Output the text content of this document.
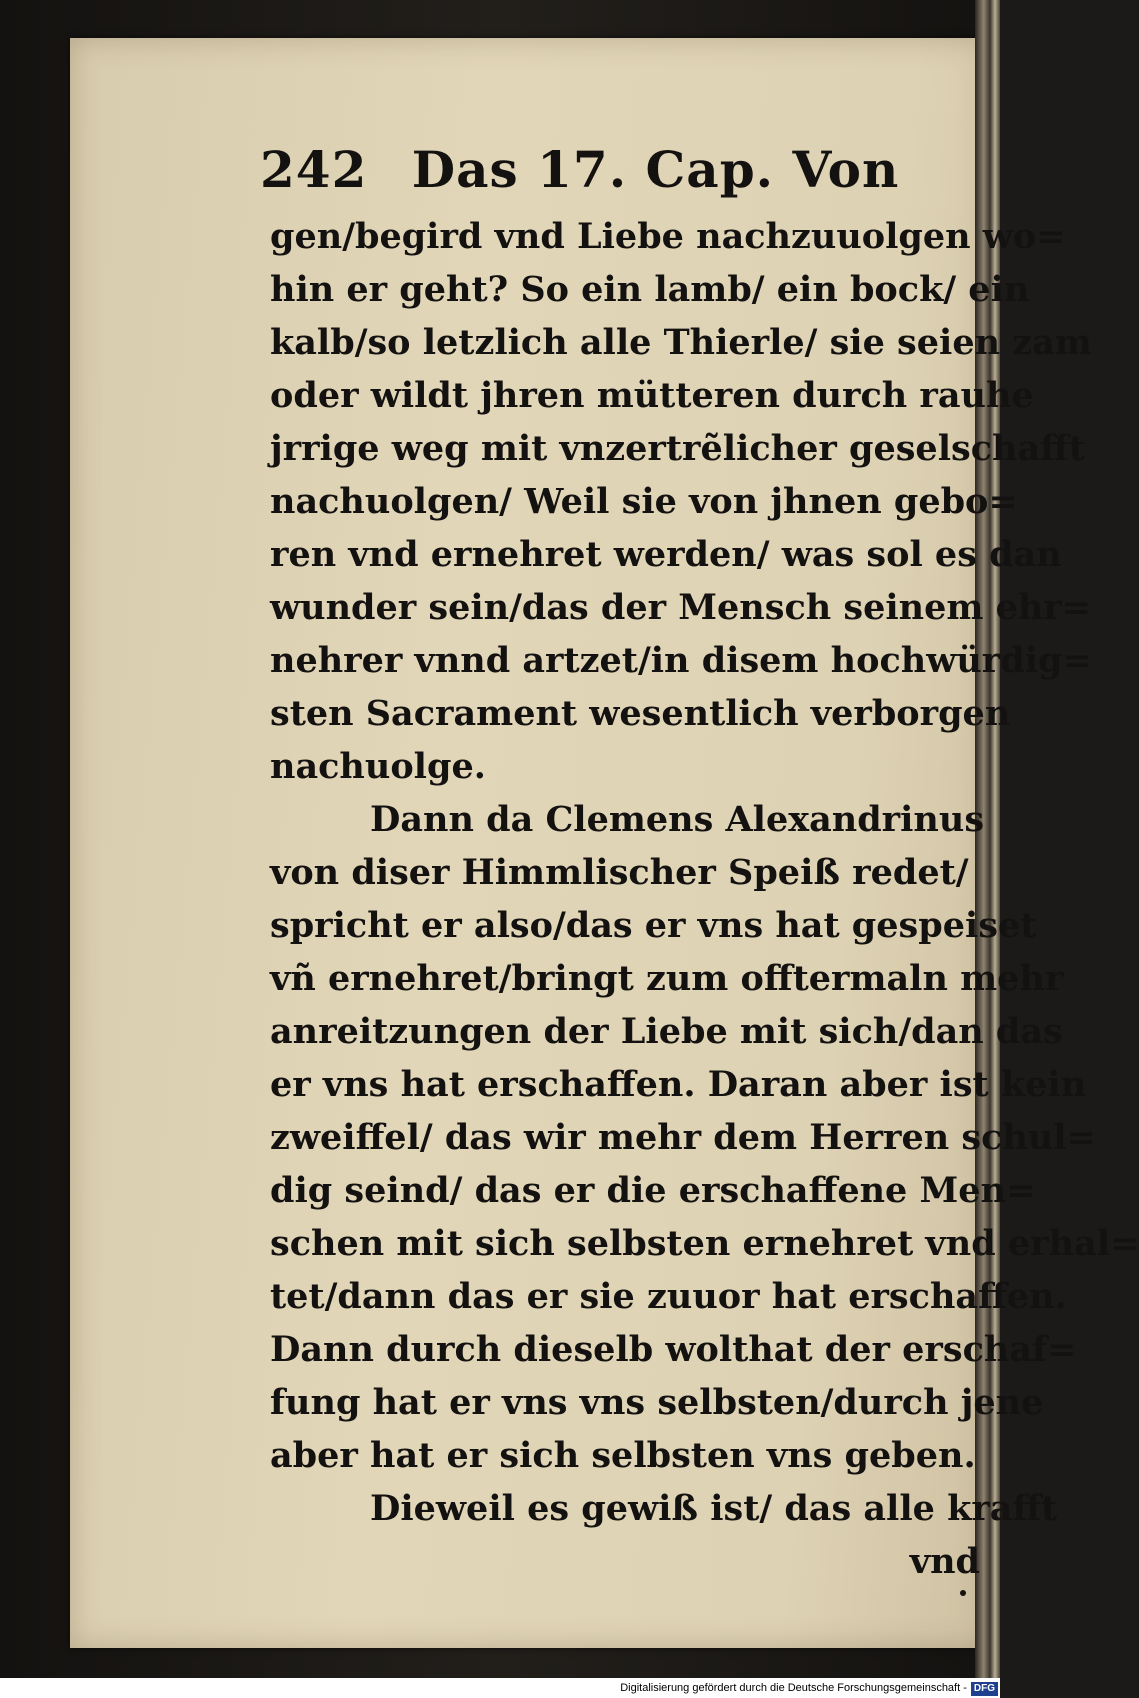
242 Das 17. Cap. Von
gen/begird vnd Liebe nachzuuolgen wo=
hin er geht? So ein lamb/ ein bock/ ein
kalb/so letzlich alle Thierle/ sie seien zam
oder wildt jhren mütteren durch rauhe
jrrige weg mit vnzertrẽlicher geselschafft
nachuolgen/ Weil sie von jhnen gebo=
ren vnd ernehret werden/ was sol es dan
wunder sein/das der Mensch seinem ehr=
nehrer vnnd artzet/in disem hochwürdig=
sten Sacrament wesentlich verborgen
nachuolge.
Dann da Clemens Alexandrinus
von diser Himmlischer Speiß redet/
spricht er also/das er vns hat gespeiset
vñ ernehret/bringt zum offtermaln mehr
anreitzungen der Liebe mit sich/dan das
er vns hat erschaffen. Daran aber ist kein
zweiffel/ das wir mehr dem Herren schul=
dig seind/ das er die erschaffene Men=
schen mit sich selbsten ernehret vnd erhal=
tet/dann das er sie zuuor hat erschaffen.
Dann durch dieselb wolthat der erschaf=
fung hat er vns vns selbsten/durch jene
aber hat er sich selbsten vns geben.
Dieweil es gewiß ist/ das alle krafft
vnd
Digitalisierung gefördert durch die Deutsche Forschungsgemeinschaft - DFG
